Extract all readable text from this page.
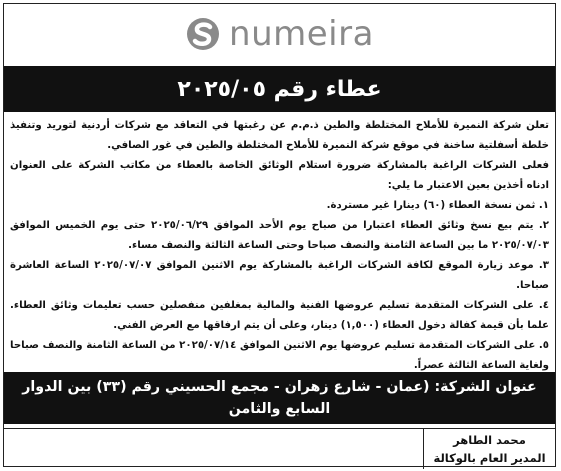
numeira
عطاء رقم ٢٠٢٥/٠٥

تعلن شركة النميرة للأملاح المختلطة والطين ذ.م.م عن رغبتها في التعاقد مع شركات أردنية لتوريد وتنفيذ خلطة أسفلتية ساخنة في موقع شركة النميرة للأملاح المختلطة والطين في غور الصافي.

فعلى الشركات الراغبة بالمشاركة ضرورة استلام الوثائق الخاصة بالعطاء من مكاتب الشركة على العنوان ادناه أخذين بعين الاعتبار ما يلي:

١. ثمن نسخة العطاء (٦٠) دينارا غير مستردة.

٢. يتم بيع نسخ وثائق العطاء اعتبارا من صباح يوم الأحد الموافق ٢٠٢٥/٠٦/٢٩ حتى يوم الخميس الموافق ٢٠٢٥/٠٧/٠٣ ما بين الساعة الثامنة والنصف صباحا وحتى الساعة الثالثة والنصف مساء.

٣. موعد زيارة الموقع لكافة الشركات الراغبة بالمشاركة يوم الاثنين الموافق ٢٠٢٥/٠٧/٠٧ الساعة العاشرة صباحا.

٤. على الشركات المتقدمة تسليم عروضها الفنية والمالية بمغلفين منفصلين حسب تعليمات وثائق العطاء. علما بأن قيمة كفالة دخول العطاء (١,٥٠٠) دينار، وعلى أن يتم ارفاقها مع العرض الفني.

٥. على الشركات المتقدمة تسليم عروضها يوم الاثنين الموافق ٢٠٢٥/٠٧/١٤ من الساعة الثامنة والنصف صباحا ولغاية الساعة الثالثة عصراً.

عنوان الشركة: (عمان - شارع زهران - مجمع الحسيني رقم (٣٣) بين الدوار السابع والثامن
الطابق السادس مكتب (٦١٥) هاتف (٠٧٧٨٤٣٤٨٨٨)
محمد الطاهر
المدير العام بالوكالة
